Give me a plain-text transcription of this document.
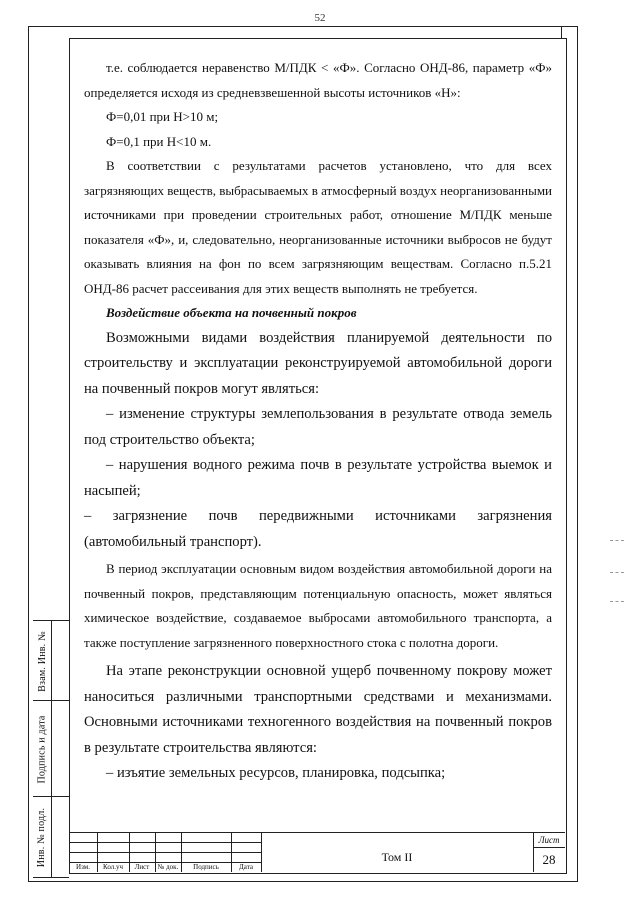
52

т.е. соблюдается неравенство М/ПДК < «Ф». Согласно ОНД-86, параметр «Ф» определяется исходя из средневзвешенной высоты источников «Н»:

Ф=0,01 при Н>10 м;

Ф=0,1 при Н<10 м.

В соответствии с результатами расчетов установлено, что для всех загрязняющих веществ, выбрасываемых в атмосферный воздух неорганизованными источниками при проведении строительных работ, отношение М/ПДК меньше показателя «Ф», и, следовательно, неорганизованные источники выбросов не будут оказывать влияния на фон по всем загрязняющим веществам. Согласно п.5.21 ОНД-86 расчет рассеивания для этих веществ выполнять не требуется.

Воздействие объекта на почвенный покров

Возможными видами воздействия планируемой деятельности по строительству и эксплуатации реконструируемой автомобильной дороги на почвенный покров могут являться:

– изменение структуры землепользования в результате отвода земель под строительство объекта;

– нарушения водного режима почв в результате устройства выемок и насыпей;

– загрязнение почв передвижными источниками загрязнения

(автомобильный транспорт).

В период эксплуатации основным видом воздействия автомобильной дороги на почвенный покров, представляющим потенциальную опасность, может являться химическое воздействие, создаваемое выбросами автомобильного транспорта, а также поступление загрязненного поверхностного стока с полотна дороги.

На этапе реконструкции основной ущерб почвенному покрову может наноситься различными транспортными средствами и механизмами. Основными источниками техногенного воздействия на почвенный покров в результате строительства являются:

– изъятие земельных ресурсов, планировка, подсыпка;

Взам. Инв. №
Подпись и дата
Инв. № подл.
Изм.	Кол.уч	Лист	№ док.	Подпись	Дата
Том II
Лист
28
